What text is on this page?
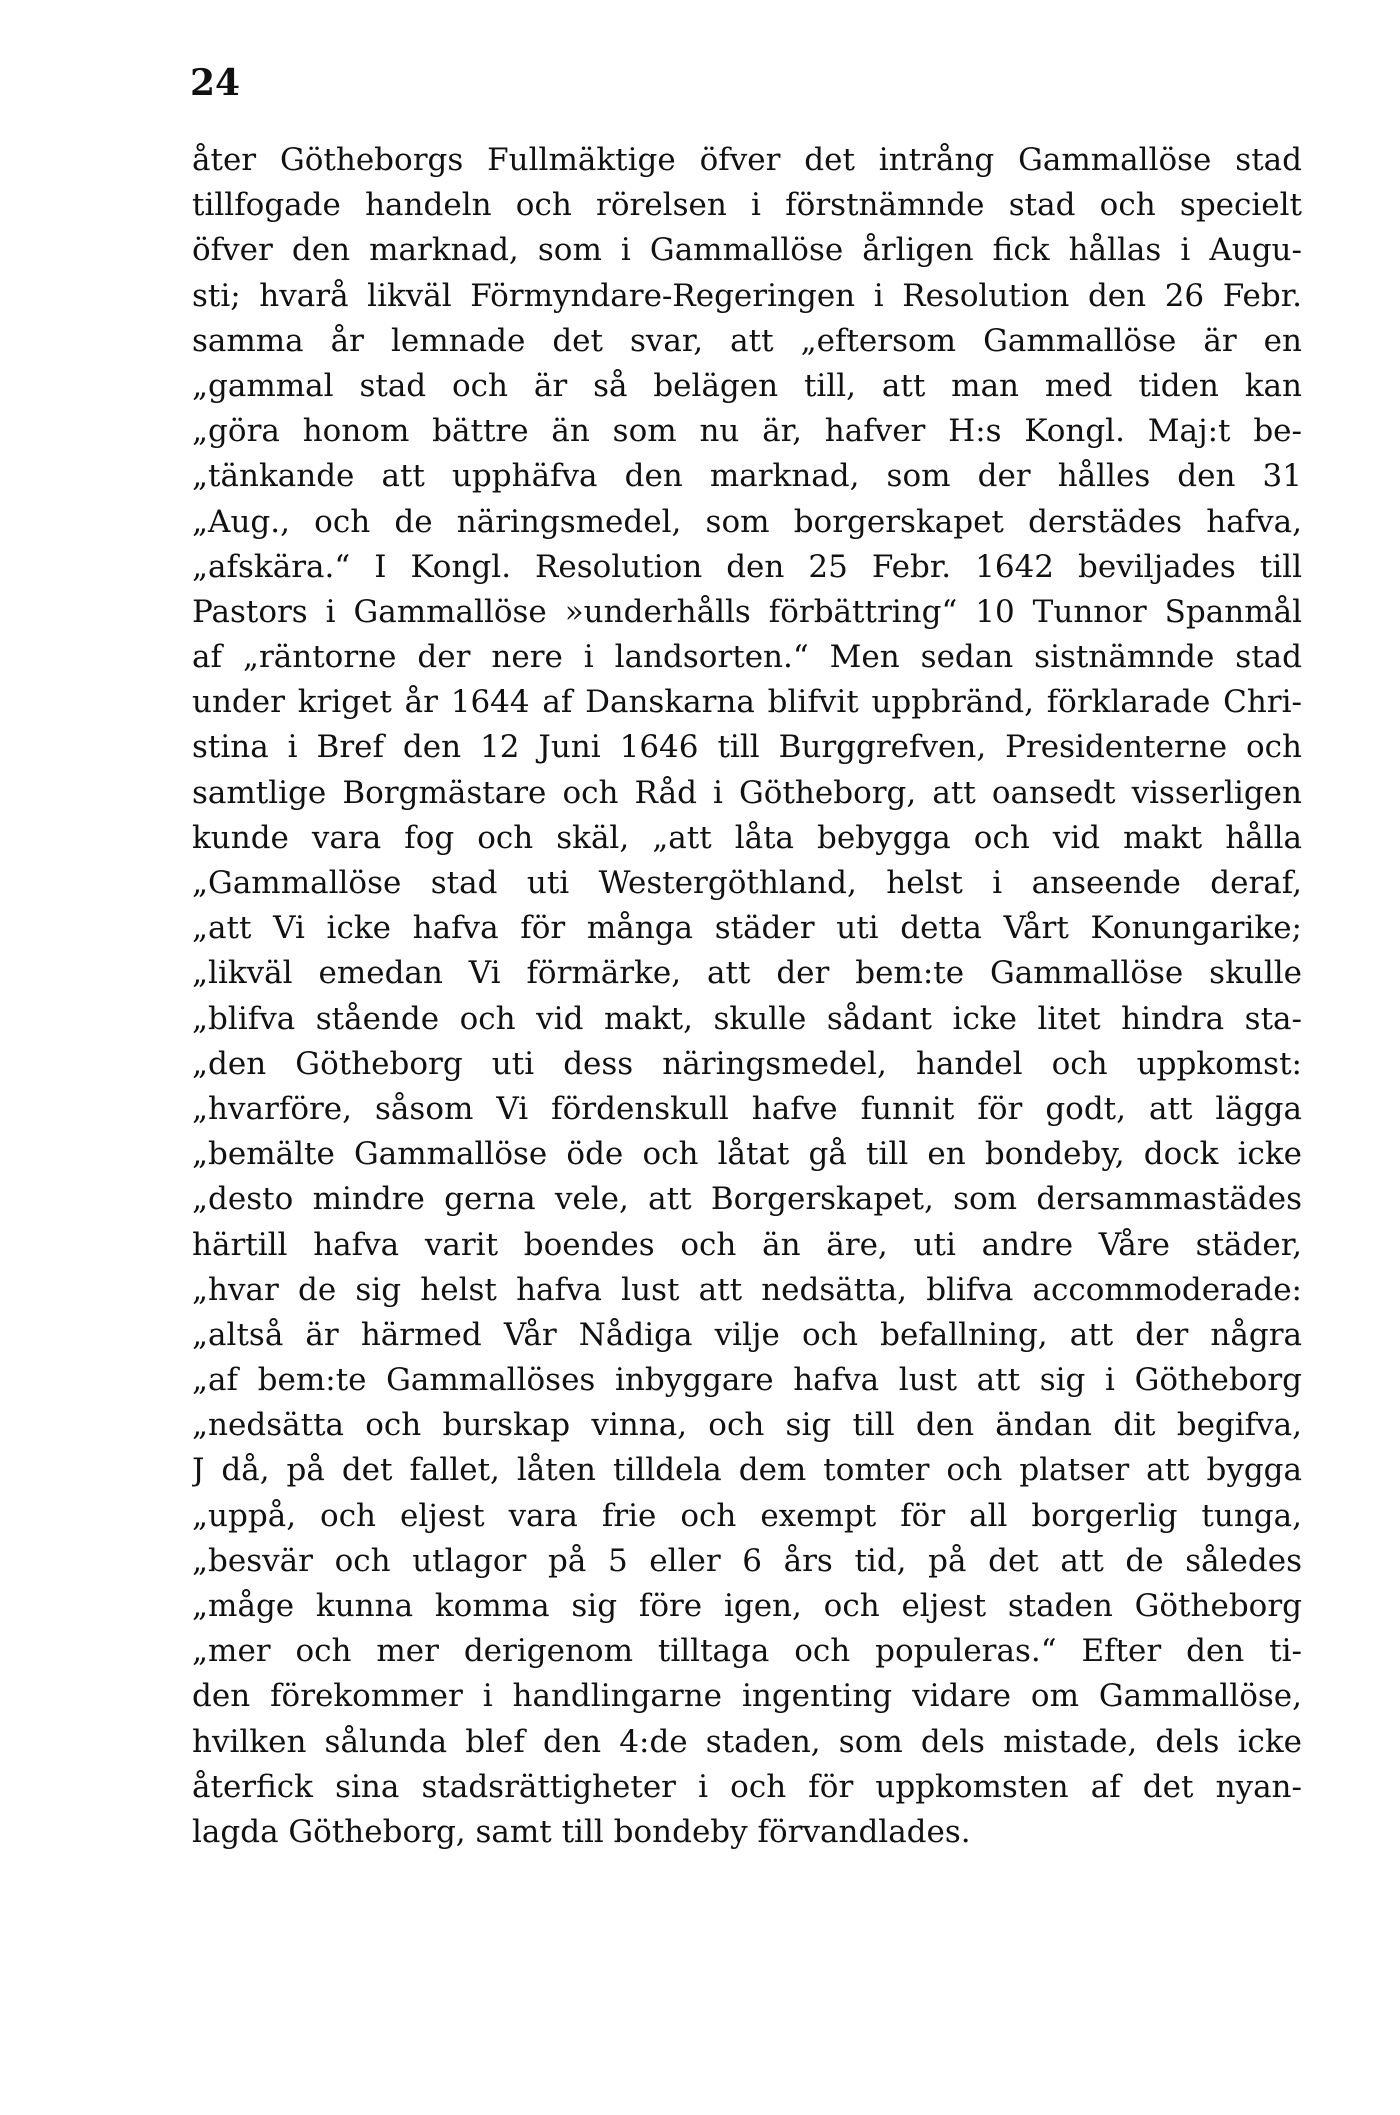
24
åter Götheborgs Fullmäktige öfver det intrång Gammallöse stad
tillfogade handeln och rörelsen i förstnämnde stad och specielt
öfver den marknad, som i Gammallöse årligen fick hållas i Augu-
sti; hvarå likväl Förmyndare-Regeringen i Resolution den 26 Febr.
samma år lemnade det svar, att „eftersom Gammallöse är en
„gammal stad och är så belägen till, att man med tiden kan
„göra honom bättre än som nu är, hafver H:s Kongl. Maj:t be-
„tänkande att upphäfva den marknad, som der hålles den 31
„Aug., och de näringsmedel, som borgerskapet derstädes hafva,
„afskära.“ I Kongl. Resolution den 25 Febr. 1642 beviljades till
Pastors i Gammallöse »underhålls förbättring“ 10 Tunnor Spanmål
af „räntorne der nere i landsorten.“ Men sedan sistnämnde stad
under kriget år 1644 af Danskarna blifvit uppbränd, förklarade Chri-
stina i Bref den 12 Juni 1646 till Burggrefven, Presidenterne och
samtlige Borgmästare och Råd i Götheborg, att oansedt visserligen
kunde vara fog och skäl, „att låta bebygga och vid makt hålla
„Gammallöse stad uti Westergöthland, helst i anseende deraf,
„att Vi icke hafva för många städer uti detta Vårt Konungarike;
„likväl emedan Vi förmärke, att der bem:te Gammallöse skulle
„blifva stående och vid makt, skulle sådant icke litet hindra sta-
„den Götheborg uti dess näringsmedel, handel och uppkomst:
„hvarföre, såsom Vi fördenskull hafve funnit för godt, att lägga
„bemälte Gammallöse öde och låtat gå till en bondeby, dock icke
„desto mindre gerna vele, att Borgerskapet, som dersammastädes
härtill hafva varit boendes och än äre, uti andre Våre städer,
„hvar de sig helst hafva lust att nedsätta, blifva accommoderade:
„altså är härmed Vår Nådiga vilje och befallning, att der några
„af bem:te Gammallöses inbyggare hafva lust att sig i Götheborg
„nedsätta och burskap vinna, och sig till den ändan dit begifva,
J då, på det fallet, låten tilldela dem tomter och platser att bygga
„uppå, och eljest vara frie och exempt för all borgerlig tunga,
„besvär och utlagor på 5 eller 6 års tid, på det att de således
„måge kunna komma sig före igen, och eljest staden Götheborg
„mer och mer derigenom tilltaga och populeras.“ Efter den ti-
den förekommer i handlingarne ingenting vidare om Gammallöse,
hvilken sålunda blef den 4:de staden, som dels mistade, dels icke
återfick sina stadsrättigheter i och för uppkomsten af det nyan-
lagda Götheborg, samt till bondeby förvandlades.
